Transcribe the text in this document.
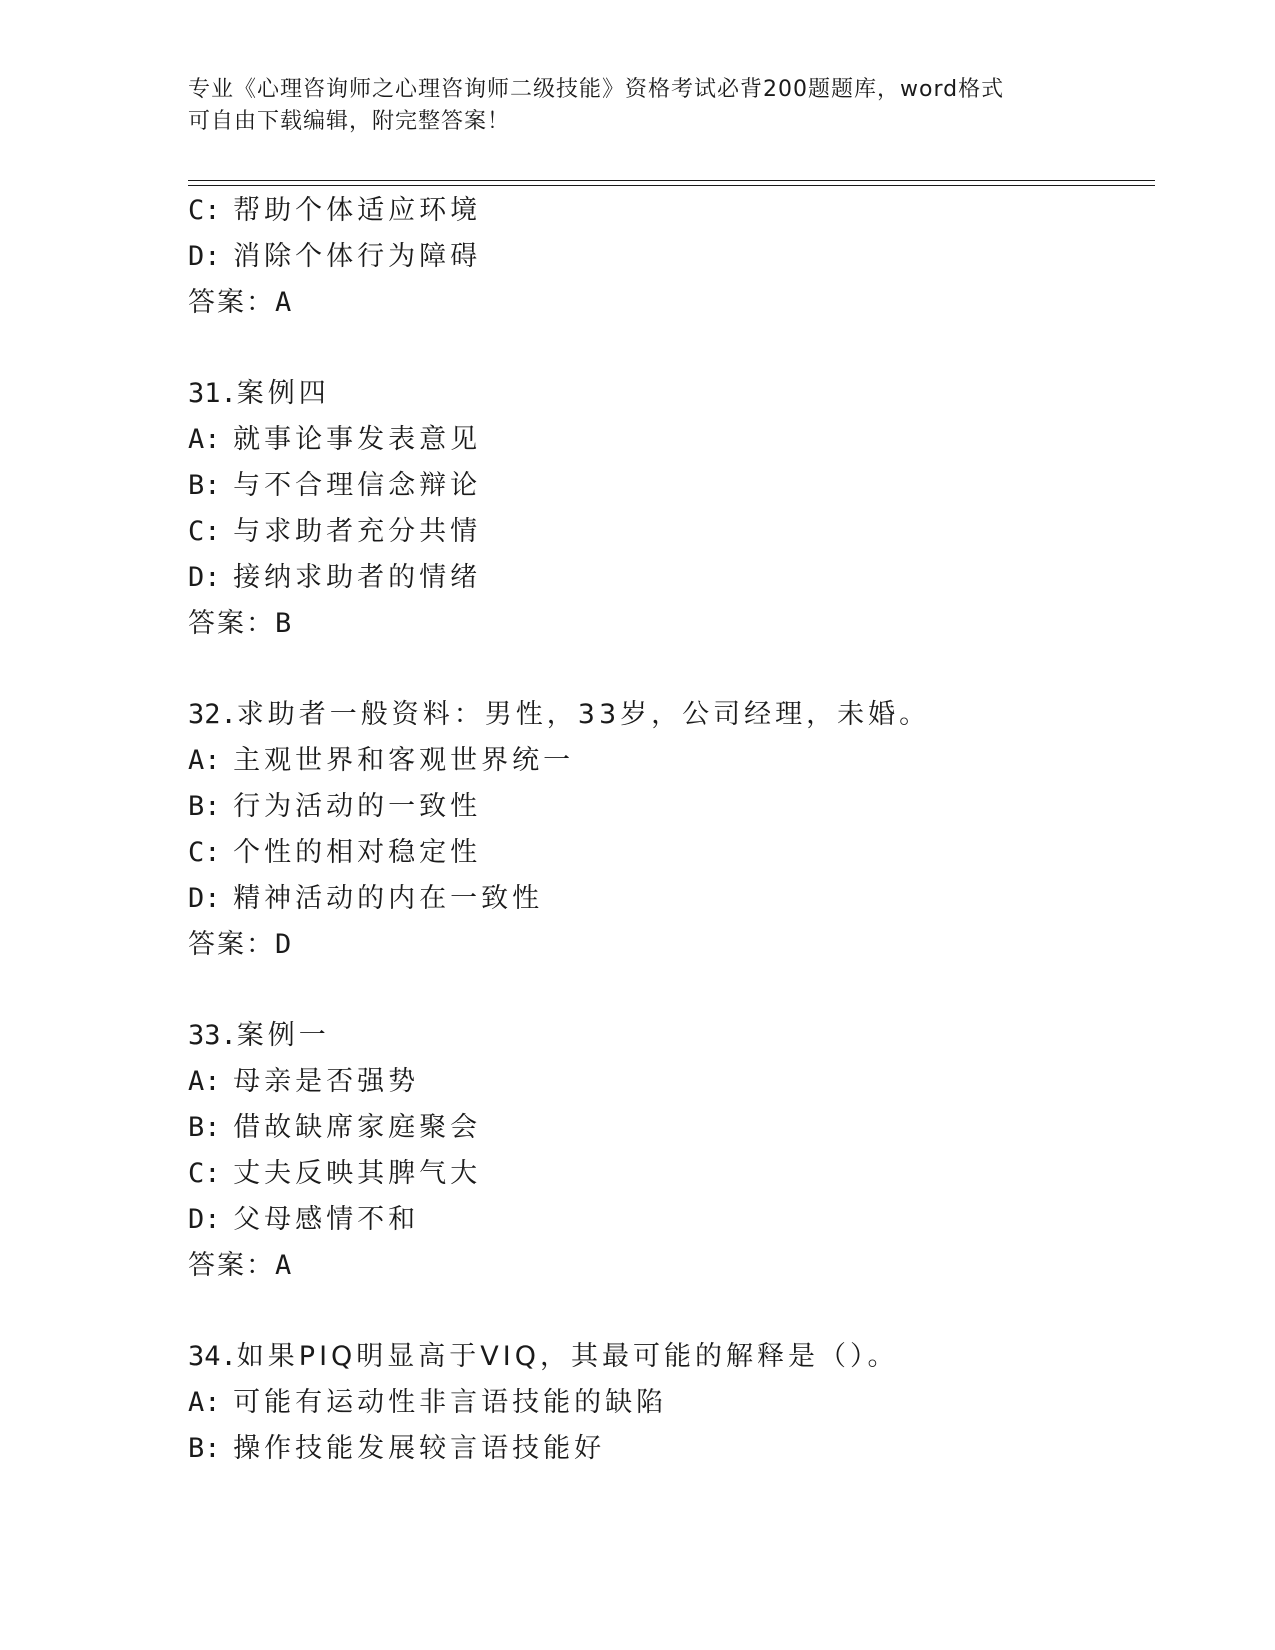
专业《心理咨询师之心理咨询师二级技能》资格考试必背200题题库，word格式
可自由下载编辑，附完整答案！
C: 帮助个体适应环境
D: 消除个体行为障碍
答案：A
31.案例四
A: 就事论事发表意见
B: 与不合理信念辩论
C: 与求助者充分共情
D: 接纳求助者的情绪
答案：B
32.求助者一般资料：男性，33岁，公司经理，未婚。
A: 主观世界和客观世界统一
B: 行为活动的一致性
C: 个性的相对稳定性
D: 精神活动的内在一致性
答案：D
33.案例一
A: 母亲是否强势
B: 借故缺席家庭聚会
C: 丈夫反映其脾气大
D: 父母感情不和
答案：A
34.如果PIQ明显高于VIQ，其最可能的解释是（）。
A: 可能有运动性非言语技能的缺陷
B: 操作技能发展较言语技能好
